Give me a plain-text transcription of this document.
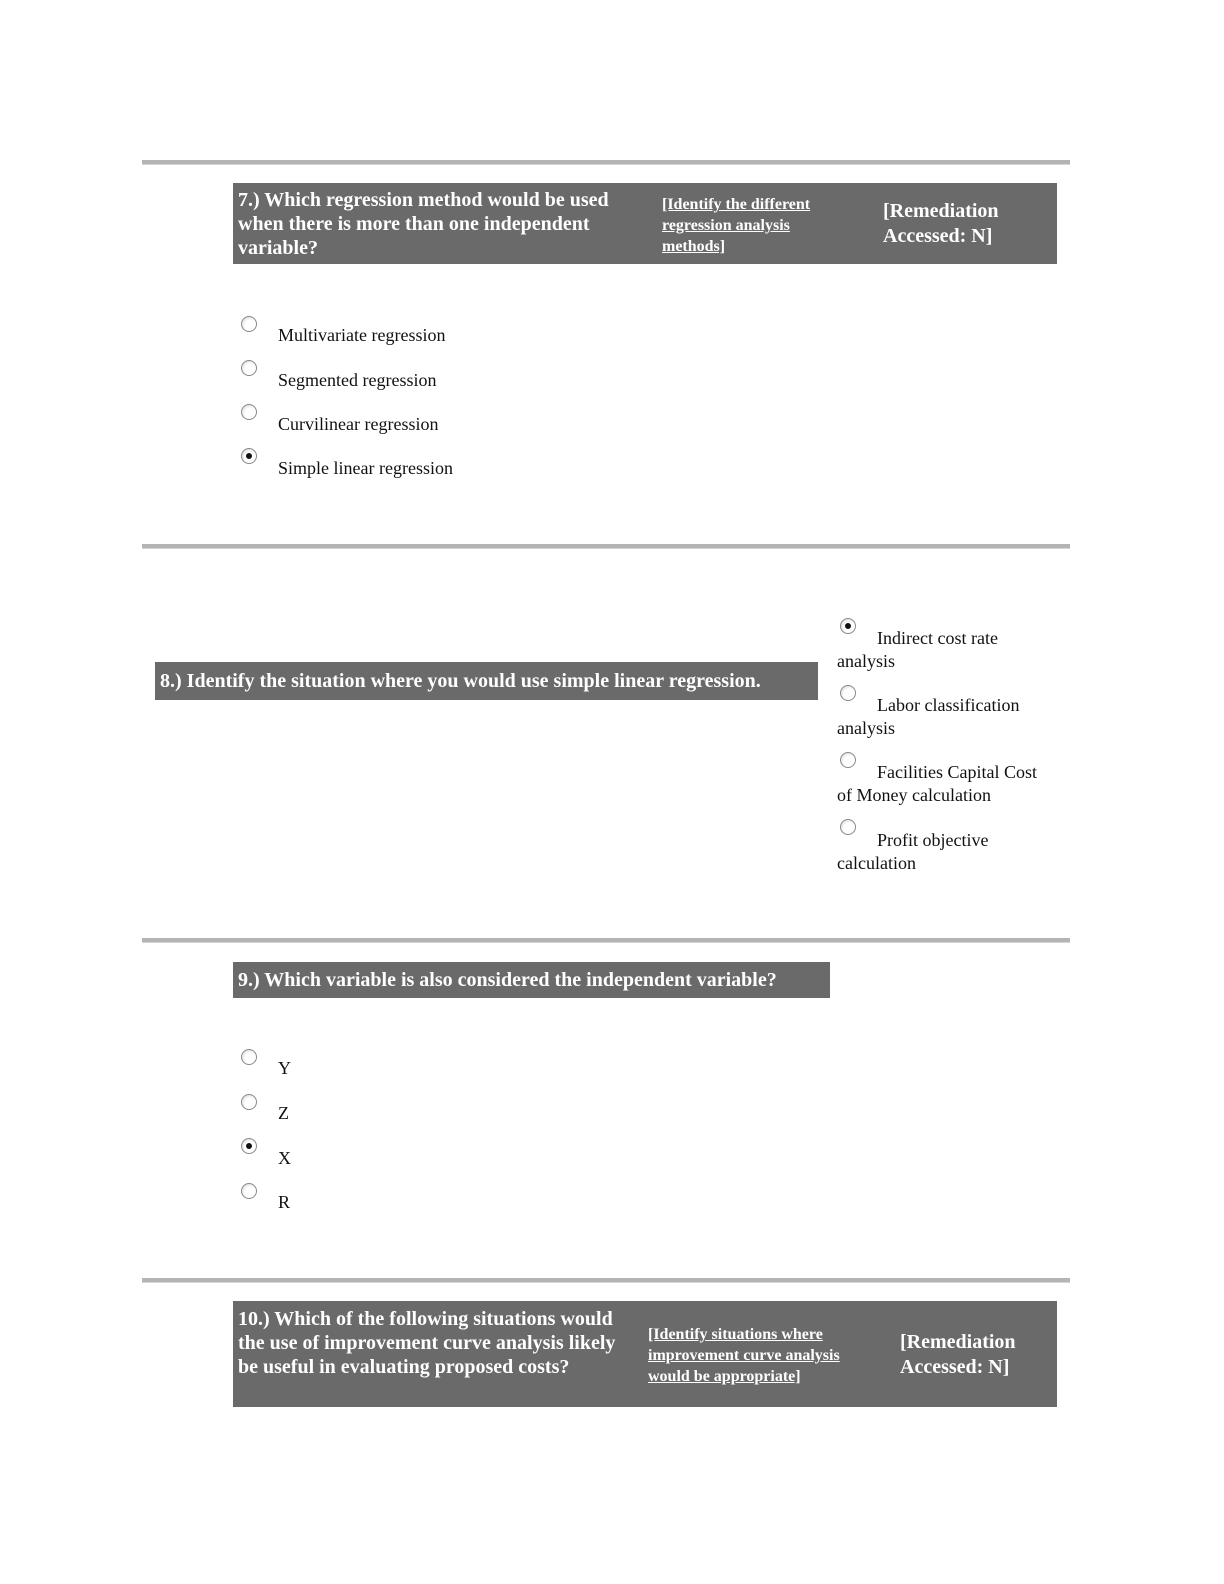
7.) Which regression method would be used when there is more than one independent variable?
[Identify the different regression analysis methods]
[Remediation Accessed: N]
Multivariate regression
Segmented regression
Curvilinear regression
Simple linear regression
8.) Identify the situation where you would use simple linear regression.
Indirect cost rate analysis
Labor classification analysis
Facilities Capital Cost of Money calculation
Profit objective calculation
9.) Which variable is also considered the independent variable?
Y
Z
X
R
10.) Which of the following situations would the use of improvement curve analysis likely be useful in evaluating proposed costs?
[Identify situations where improvement curve analysis would be appropriate]
[Remediation Accessed: N]
